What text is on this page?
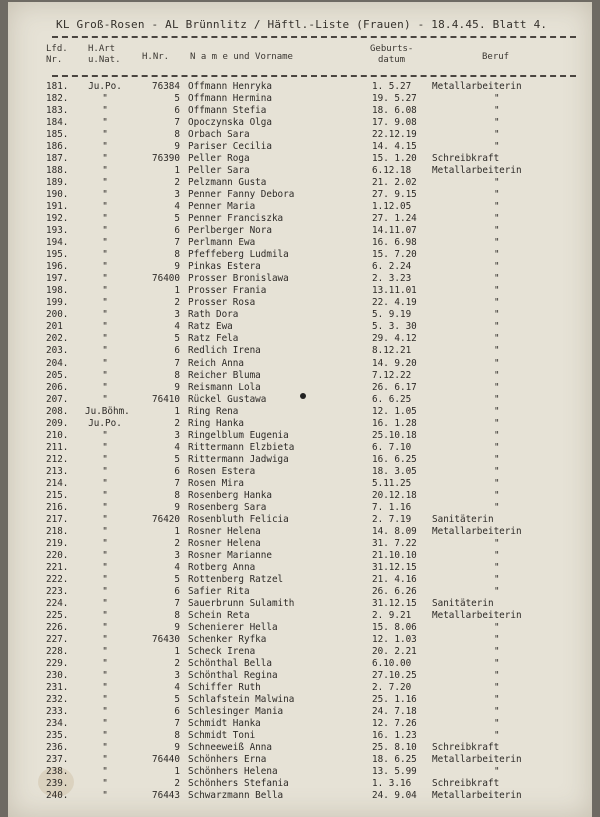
KL Groß-Rosen - AL Brünnlitz / Häftl.-Liste (Frauen) - 18.4.45. Blatt 4.
Lfd.
Nr.
H.Art
u.Nat. H.Nr. N a m e und Vorname
Geburts-
datum	Beruf
181.	Ju.Po.	76384 Offmann Henryka	1. 5.27 Metallarbeiterin
182.	"	5 Offmann Hermina	19. 5.27	"
183.	"	6 Offmann Stefia	18. 6.08	"
184.	"	7 Opoczynska Olga	17. 9.08	"
185.	"	8 Orbach Sara	22.12.19	"
186.	"	9 Pariser Cecilia	14. 4.15	"
187.	"	76390 Peller Roga	15. 1.20 Schreibkraft
188.	"	1 Peller Sara	6.12.18 Metallarbeiterin
189.	"	2 Pelzmann Gusta	21. 2.02	"
190.	"	3 Penner Fanny Debora	27. 9.15	"
191.	"	4 Penner Maria	1.12.05	"
192.	"	5 Penner Franciszka	27. 1.24	"
193.	"	6 Perlberger Nora	14.11.07	"
194.	"	7 Perlmann Ewa	16. 6.98	"
195.	"	8 Pfeffeberg Ludmila	15. 7.20	"
196.	"	9 Pinkas Estera	6. 2.24	"
197.	"	76400 Prosser Bronislawa	2. 3.23	"
198.	"	1 Prosser Frania	13.11.01	"
199.	"	2 Prosser Rosa	22. 4.19	"
200.	"	3 Rath Dora	5. 9.19	"
201	"	4 Ratz Ewa	5. 3. 30	"
202.	"	5 Ratz Fela	29. 4.12	"
203.	"	6 Redlich Irena	8.12.21	"
204.	"	7 Reich Anna	14. 9.20	"
205.	"	8 Reicher Bluma	7.12.22	"
206.	"	9 Reismann Lola	26. 6.17	"
207.	"	76410 Rückel Gustawa	6. 6.25	"
208. Ju.Böhm.	1 Ring Rena	12. 1.05	"
209.	Ju.Po.	2 Ring Hanka	16. 1.28	"
210.	"	3 Ringelblum Eugenia	25.10.18	"
211.	"	4 Rittermann Elzbieta	6. 7.10	"
212.	"	5 Rittermann Jadwiga	16. 6.25	"
213.	"	6 Rosen Estera	18. 3.05	"
214.	"	7 Rosen Mira	5.11.25	"
215.	"	8 Rosenberg Hanka	20.12.18	"
216.	"	9 Rosenberg Sara	7. 1.16	"
217.	"	76420 Rosenbluth Felicia	2. 7.19 Sanitäterin
218.	"	1 Rosner Helena	14. 8.09 Metallarbeiterin
219.	"	2 Rosner Helena	31. 7.22	"
220.	"	3 Rosner Marianne	21.10.10	"
221.	"	4 Rotberg Anna	31.12.15	"
222.	"	5 Rottenberg Ratzel	21. 4.16	"
223.	"	6 Safier Rita	26. 6.26	"
224.	"	7 Sauerbrunn Sulamith	31.12.15 Sanitäterin
225.	"	8 Schein Reta	2. 9.21 Metallarbeiterin
226.	"	9 Schenierer Hella	15. 8.06	"
227.	"	76430 Schenker Ryfka	12. 1.03	"
228.	"	1 Scheck Irena	20. 2.21	"
229.	"	2 Schönthal Bella	6.10.00	"
230.	"	3 Schönthal Regina	27.10.25	"
231.	"	4 Schiffer Ruth	2. 7.20	"
232.	"	5 Schlafstein Malwina	25. 1.16	"
233.	"	6 Schlesinger Mania	24. 7.18	"
234.	"	7 Schmidt Hanka	12. 7.26	"
235.	"	8 Schmidt Toni	16. 1.23	"
236.	"	9 Schneeweiß Anna	25. 8.10 Schreibkraft
237.	"	76440 Schönhers Erna	18. 6.25 Metallarbeiterin
238.	"	1 Schönhers Helena	13. 5.99	"
239.	"	2 Schönhers Stefania	1. 3.16 Schreibkraft
240.	"	76443 Schwarzmann Bella	24. 9.04 Metallarbeiterin
